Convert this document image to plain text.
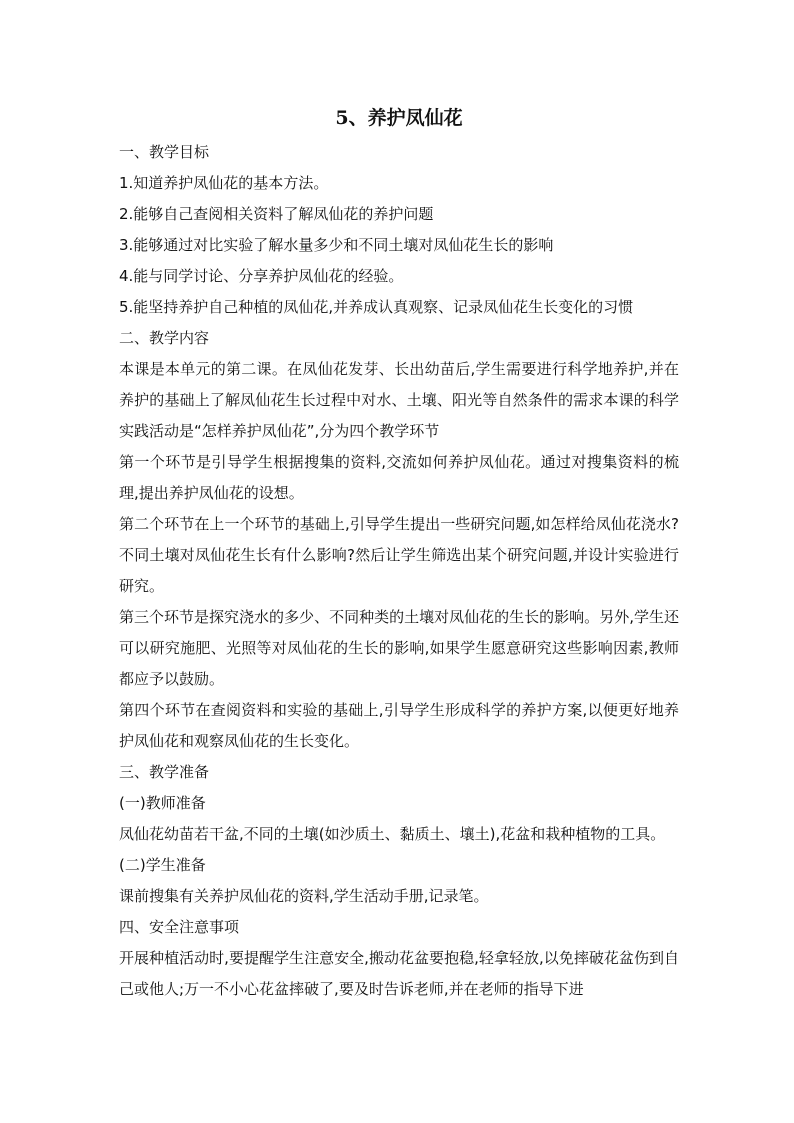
5、养护凤仙花
一、教学目标
1.知道养护凤仙花的基本方法。
2.能够自己查阅相关资料了解凤仙花的养护问题
3.能够通过对比实验了解水量多少和不同土壤对凤仙花生长的影响
4.能与同学讨论、分享养护凤仙花的经验。
5.能坚持养护自己种植的凤仙花,并养成认真观察、记录凤仙花生长变化的习惯
二、教学内容

本课是本单元的第二课。在凤仙花发芽、长出幼苗后,学生需要进行科学地养护,并在养护的基础上了解凤仙花生长过程中对水、土壤、阳光等自然条件的需求本课的科学实践活动是“怎样养护凤仙花”,分为四个教学环节

第一个环节是引导学生根据搜集的资料,交流如何养护凤仙花。通过对搜集资料的梳理,提出养护凤仙花的设想。

第二个环节在上一个环节的基础上,引导学生提出一些研究问题,如怎样给凤仙花浇水?不同土壤对凤仙花生长有什么影响?然后让学生筛选出某个研究问题,并设计实验进行研究。

第三个环节是探究浇水的多少、不同种类的土壤对凤仙花的生长的影响。另外,学生还可以研究施肥、光照等对凤仙花的生长的影响,如果学生愿意研究这些影响因素,教师都应予以鼓励。

第四个环节在查阅资料和实验的基础上,引导学生形成科学的养护方案,以便更好地养护凤仙花和观察凤仙花的生长变化。

三、教学准备
(一)教师准备

凤仙花幼苗若干盆,不同的土壤(如沙质土、黏质土、壤土),花盆和栽种植物的工具。

(二)学生准备

课前搜集有关养护凤仙花的资料,学生活动手册,记录笔。

四、安全注意事项

开展种植活动时,要提醒学生注意安全,搬动花盆要抱稳,轻拿轻放,以免摔破花盆伤到自己或他人;万一不小心花盆摔破了,要及时告诉老师,并在老师的指导下进
